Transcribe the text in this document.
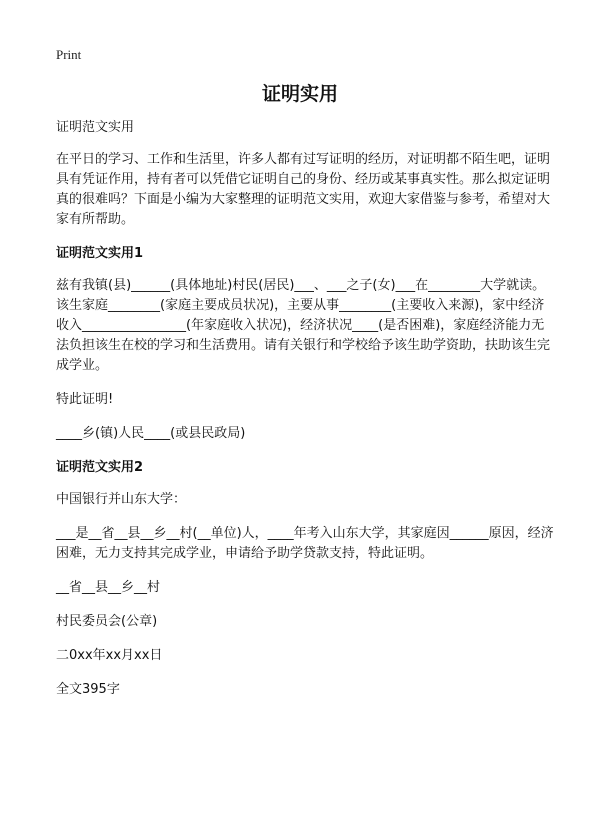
Print
证明实用

证明范文实用

在平日的学习、工作和生活里，许多人都有过写证明的经历，对证明都不陌生吧，证明具有凭证作用，持有者可以凭借它证明自己的身份、经历或某事真实性。那么拟定证明真的很难吗？下面是小编为大家整理的证明范文实用，欢迎大家借鉴与参考，希望对大家有所帮助。

证明范文实用1

兹有我镇(县)______(具体地址)村民(居民)___、___之子(女)___在________大学就读。该生家庭________(家庭主要成员状况)，主要从事________(主要收入来源)，家中经济收入________________(年家庭收入状况)，经济状况____(是否困难)，家庭经济能力无法负担该生在校的学习和生活费用。请有关银行和学校给予该生助学资助，扶助该生完成学业。

特此证明!

____乡(镇)人民____(或县民政局)

证明范文实用2

中国银行并山东大学：

___是__省__县__乡__村(__单位)人，____年考入山东大学，其家庭因______原因，经济困难，无力支持其完成学业，申请给予助学贷款支持，特此证明。

__省__县__乡__村

村民委员会(公章)

二0xx年xx月xx日

全文395字
